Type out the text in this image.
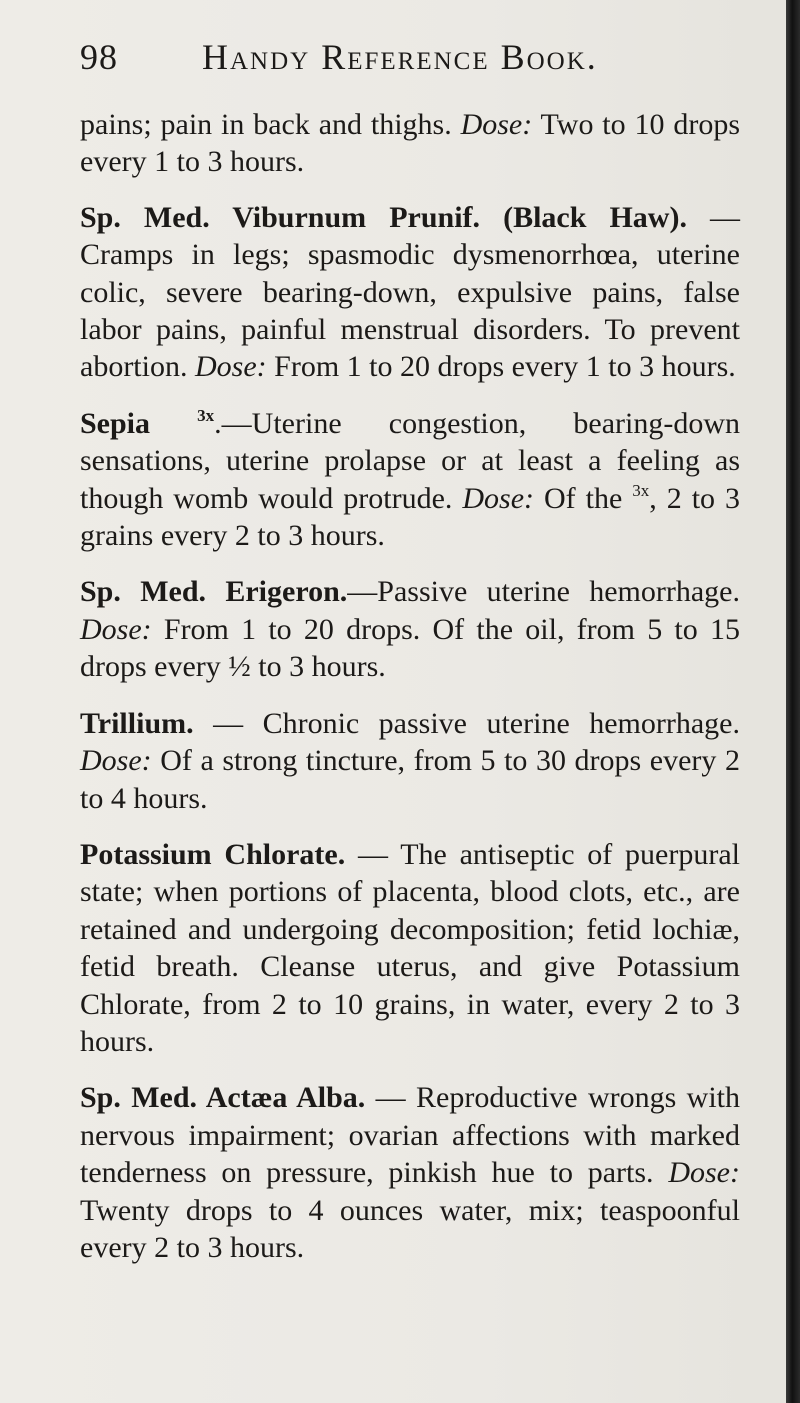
98 Handy Reference Book.

pains; pain in back and thighs. Dose: Two to 10 drops every 1 to 3 hours.

Sp. Med. Viburnum Prunif. (Black Haw). —Cramps in legs; spasmodic dysmenorrhœa, uterine colic, severe bearing-down, expulsive pains, false labor pains, painful menstrual disorders. To prevent abortion. Dose: From 1 to 20 drops every 1 to 3 hours.

Sepia	$^{3x}$.—Uterine congestion, bearing-down sensations, uterine prolapse or at least a feeling as though womb would protrude. Dose: Of the $^{3x}$, 2 to 3 grains every 2 to 3 hours.

Sp. Med. Erigeron.—Passive uterine hemorrhage. Dose: From 1 to 20 drops. Of the oil, from 5 to 15 drops every ½ to 3 hours.

Trillium. — Chronic passive uterine hemorrhage. Dose: Of a strong tincture, from 5 to 30 drops every 2 to 4 hours.

Potassium Chlorate. — The antiseptic of puerpural state; when portions of placenta, blood clots, etc., are retained and undergoing decomposition; fetid lochiæ, fetid breath. Cleanse uterus, and give Potassium Chlorate, from 2 to 10 grains, in water, every 2 to 3 hours.

Sp. Med. Actæa Alba. — Reproductive wrongs with nervous impairment; ovarian affections with marked tenderness on pressure, pinkish hue to parts. Dose: Twenty drops to 4 ounces water, mix; teaspoonful every 2 to 3 hours.
